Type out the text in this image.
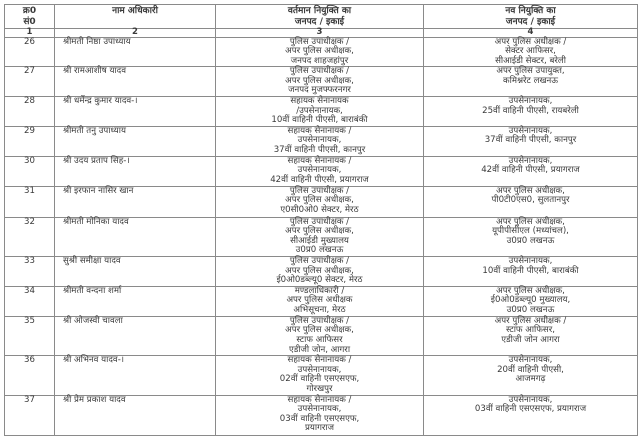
क्र0
सं0	नाम अधिकारी	वर्तमान नियुक्ति का
जनपद / इकाई	नव नियुक्ति का
जनपद / इकाई

1	2	3	4
26	श्रीमती निष्ठा उपाध्याय	पुलिस उपाधीक्षक /
अपर पुलिस अधीक्षक,
जनपद शाहजहांपुर	अपर पुलिस अधीक्षक /
सेक्टर आफिसर,
सीआईडी सेक्टर, बरेली

27	श्री रामआशीष यादव	पुलिस उपाधीक्षक /
अपर पुलिस अधीक्षक,
जनपद मुजफ्फरनगर	अपर पुलिस उपायुक्त,
कमिश्नरेट लखनऊ

28	श्री धर्मेन्द्र कुमार यादव-।	सहायक सेनानायक
/उपसेनानायक,
10वीं वाहिनी पीएसी, बाराबंकी	उपसेनानायक,
25वीं वाहिनी पीएसी, रायबरेली

29	श्रीमती तनु उपाध्याय	सहायक सेनानायक /
उपसेनानायक,
37वीं वाहिनी पीएसी, कानपुर	उपसेनानायक,
37वीं वाहिनी पीएसी, कानपुर

30	श्री उदय प्रताप सिह-।	सहायक सेनानायक /
उपसेनानायक,
42वीं वाहिनी पीएसी, प्रयागराज	उपसेनानायक,
42वीं वाहिनी पीएसी, प्रयागराज

31	श्री इरफान नासिर खान	पुलिस उपाधीक्षक /
अपर पुलिस अधीक्षक,
ए0सी0ओ0 सेक्टर, मेरठ	अपर पुलिस अधीक्षक,
पी0टी0एस0, सुलतानपुर

32	श्रीमती मोनिका यादव	पुलिस उपाधीक्षक /
अपर पुलिस अधीक्षक,
सीआईडी मुख्यालय
उ0प्र0 लखनऊ	अपर पुलिस अधीक्षक,
यूपीपीसीएल (मध्यांचल),
उ0प्र0 लखनऊ

33	सुश्री समीक्षा यादव	पुलिस उपाधीक्षक /
अपर पुलिस अधीक्षक,
ई0ओ0डब्ल्यू0 सेक्टर, मेरठ	उपसेनानायक,
10वीं वाहिनी पीएसी, बाराबंकी

34	श्रीमती वन्दना शर्मा	मण्डलाधिकारी /
अपर पुलिस अधीक्षक
अभिसूचना, मेरठ	अपर पुलिस अधीक्षक,
ई0ओ0डब्ल्यू0 मुख्यालय,
उ0प्र0 लखनऊ

35	श्री ओजस्वी चावला	पुलिस उपाधीक्षक /
अपर पुलिस अधीक्षक,
स्टाफ आफिसर
एडीजी जोन, आगरा	अपर पुलिस अधीक्षक /
स्टाफ आफिसर,
एडीजी जोन आगरा

36	श्री अभिनव यादव-।	सहायक सेनानायक /
उपसेनानायक,
02वीं वाहिनी एसएसएफ,
गोरखपुर	उपसेनानायक,
20वीं वाहिनी पीएसी,
आजमगढ़

37	श्री प्रेम प्रकाश यादव	सहायक सेनानायक /
उपसेनानायक,
03वीं वाहिनी एसएसएफ,
प्रयागराज	उपसेनानायक,
03वीं वाहिनी एसएसएफ, प्रयागराज
